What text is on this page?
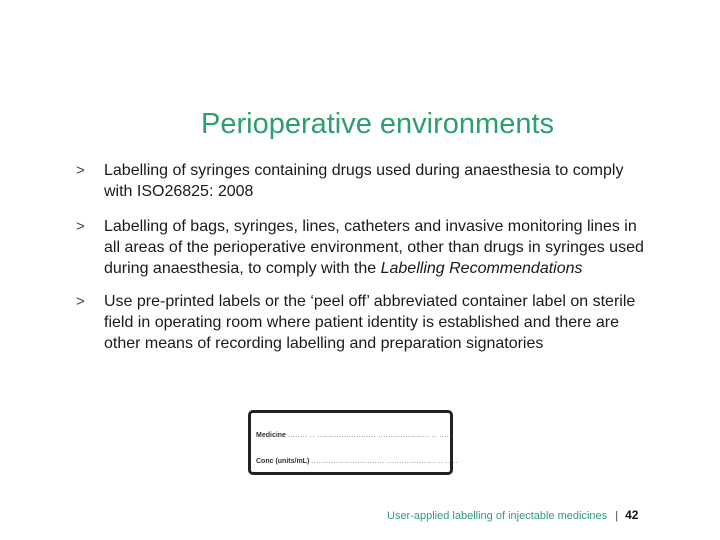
Perioperative environments
> Labelling of syringes containing drugs used during anaesthesia to comply with ISO26825: 2008
> Labelling of bags, syringes, lines, catheters and invasive monitoring lines in all areas of the perioperative environment, other than drugs in syringes used during anaesthesia, to comply with the Labelling Recommendations
> Use pre-printed labels or the ‘peel off’ abbreviated container label on sterile field in operating room where patient identity is established and there are other means of recording labelling and preparation signatories
Medicine ........ .. ........................ ..................... .. .....
Conc (units/mL) .............................. .................... .. .....
User-applied labelling of injectable medicines | 42
